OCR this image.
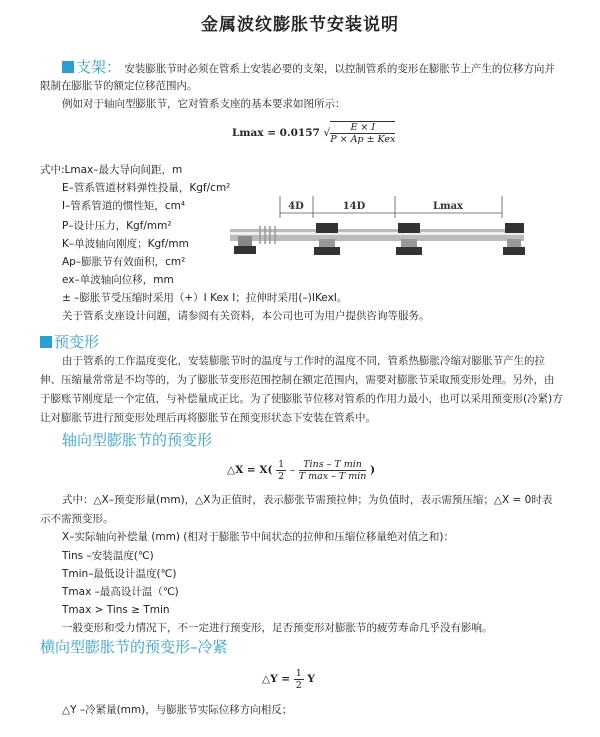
金属波纹膨胀节安装说明
支架： 安装膨胀节时必须在管系上安装必要的支架，以控制管系的变形在膨胀节上产生的位移方向并
限制在膨胀节的额定位移范围内。
例如对于轴向型膨胀节，它对管系支座的基本要求如图所示：
Lmax = 0.0157 √ $\frac{E \times I}{\text{P × Ap ± Kex}}$
式中:Lmax–最大导向间距，m
E–管系管道材料弹性投量，Kgf/cm²
I–管系管道的惯性矩，cm⁴
P–设计压力，Kgf/mm²
K–单波轴向刚度；Kgf/mm
Ap–膨胀节有效面积，cm²
ex–单波轴向位移，mm
± –膨胀节受压缩时采用（+）I Kex I；拉伸时采用(–)IKexI。
关于管系支座设计问题，请参阅有关资料，本公司也可为用户提供咨询等服务。
4D	14D	Lmax
预变形
由于管系的工作温度变化，安装膨胀节时的温度与工作时的温度不同，管系热膨胀冷缩对膨胀节产生的拉
伸、压缩量常常是不均等的，为了膨胀节变形范围控制在额定范围内，需要对膨胀节采取预变形处理。另外，由
于膨账节刚度是一个定值，与补偿量成正比。为了使膨胀节位移对管系的作用力最小，也可以采用预变形(冷紧)方
让对膨胀节进行预变形处理后再将膨胀节在预变形状态下安装在管系中。
轴向型膨胀节的预变形
△X = $X( \frac{1}{2} - \frac{\text{Tins – T min}}{\text{T max – T min}}$ )
式中：△X–预变形量(mm)，△X为正值时，表示膨张节需预拉伸；为负值时，表示需预压缩；△X = 0时表
示不需预变形。
X–实际轴向补偿量 (mm) (相对于膨胀节中间状态的拉伸和压缩位移量绝对值之和)：
Tins –安装温度(℃)
Tmin–最低设计温度(℃)
Tmax –最高设计温（℃)
Tmax > Tins ≥ Tmin
一般变形和受力情况下，不一定进行预变形，足否预变形对膨胀节的疲劳寿命几乎没有影响。
横向型膨胀节的预变形–冷紧
△Y = $\frac{1}{2}$ Y
△Y –冷紧量(mm)，与膨胀节实际位移方向相反；
